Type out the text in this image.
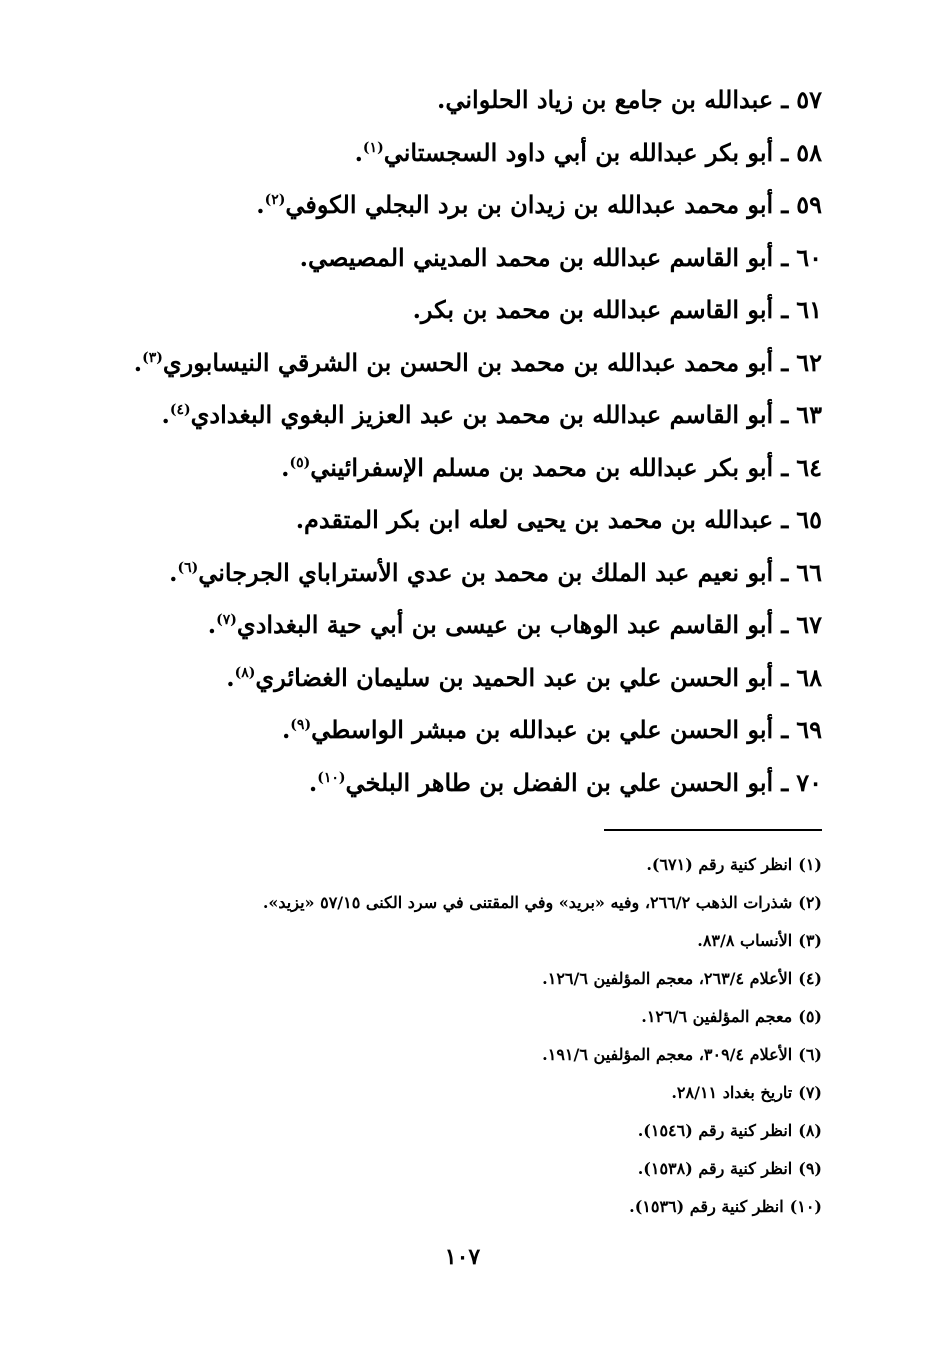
٥٧ـعبدالله بن جامع بن زياد الحلواني.
٥٨ـأبو بكر عبدالله بن أبي داود السجستاني$^{(١)}$.
٥٩ـأبو محمد عبدالله بن زيدان بن برد البجلي الكوفي$^{(٢)}$.
٦٠ـأبو القاسم عبدالله بن محمد المديني المصيصي.
٦١ـأبو القاسم عبدالله بن محمد بن بكر.
٦٢ـأبو محمد عبدالله بن محمد بن الحسن بن الشرقي النيسابوري$^{(٣)}$.
٦٣ـأبو القاسم عبدالله بن محمد بن عبد العزيز البغوي البغدادي$^{(٤)}$.
٦٤ـأبو بكر عبدالله بن محمد بن مسلم الإسفرائيني$^{(٥)}$.
٦٥ـعبدالله بن محمد بن يحيى لعله ابن بكر المتقدم.
٦٦ـأبو نعيم عبد الملك بن محمد بن عدي الأستراباي الجرجاني$^{(٦)}$.
٦٧ـأبو القاسم عبد الوهاب بن عيسى بن أبي حية البغدادي$^{(٧)}$.
٦٨ـأبو الحسن علي بن عبد الحميد بن سليمان الغضائري$^{(٨)}$.
٦٩ـأبو الحسن علي بن عبدالله بن مبشر الواسطي$^{(٩)}$.
٧٠ـأبو الحسن علي بن الفضل بن طاهر البلخي$^{(١٠)}$.
(١)انظر كنية رقم (٦٧١).
(٢)شذرات الذهب ٢٦٦/٢، وفيه «بريد» وفي المقتنى في سرد الكنى ٥٧/١٥ «يزيد».
(٣)الأنساب ٨٣/٨.
(٤)الأعلام ٢٦٣/٤، معجم المؤلفين ١٢٦/٦.
(٥)معجم المؤلفين ١٢٦/٦.
(٦)الأعلام ٣٠٩/٤، معجم المؤلفين ١٩١/٦.
(٧)تاريخ بغداد ٢٨/١١.
(٨)انظر كنية رقم (١٥٤٦).
(٩)انظر كنية رقم (١٥٣٨).
(١٠)انظر كنية رقم (١٥٣٦).
١٠٧
